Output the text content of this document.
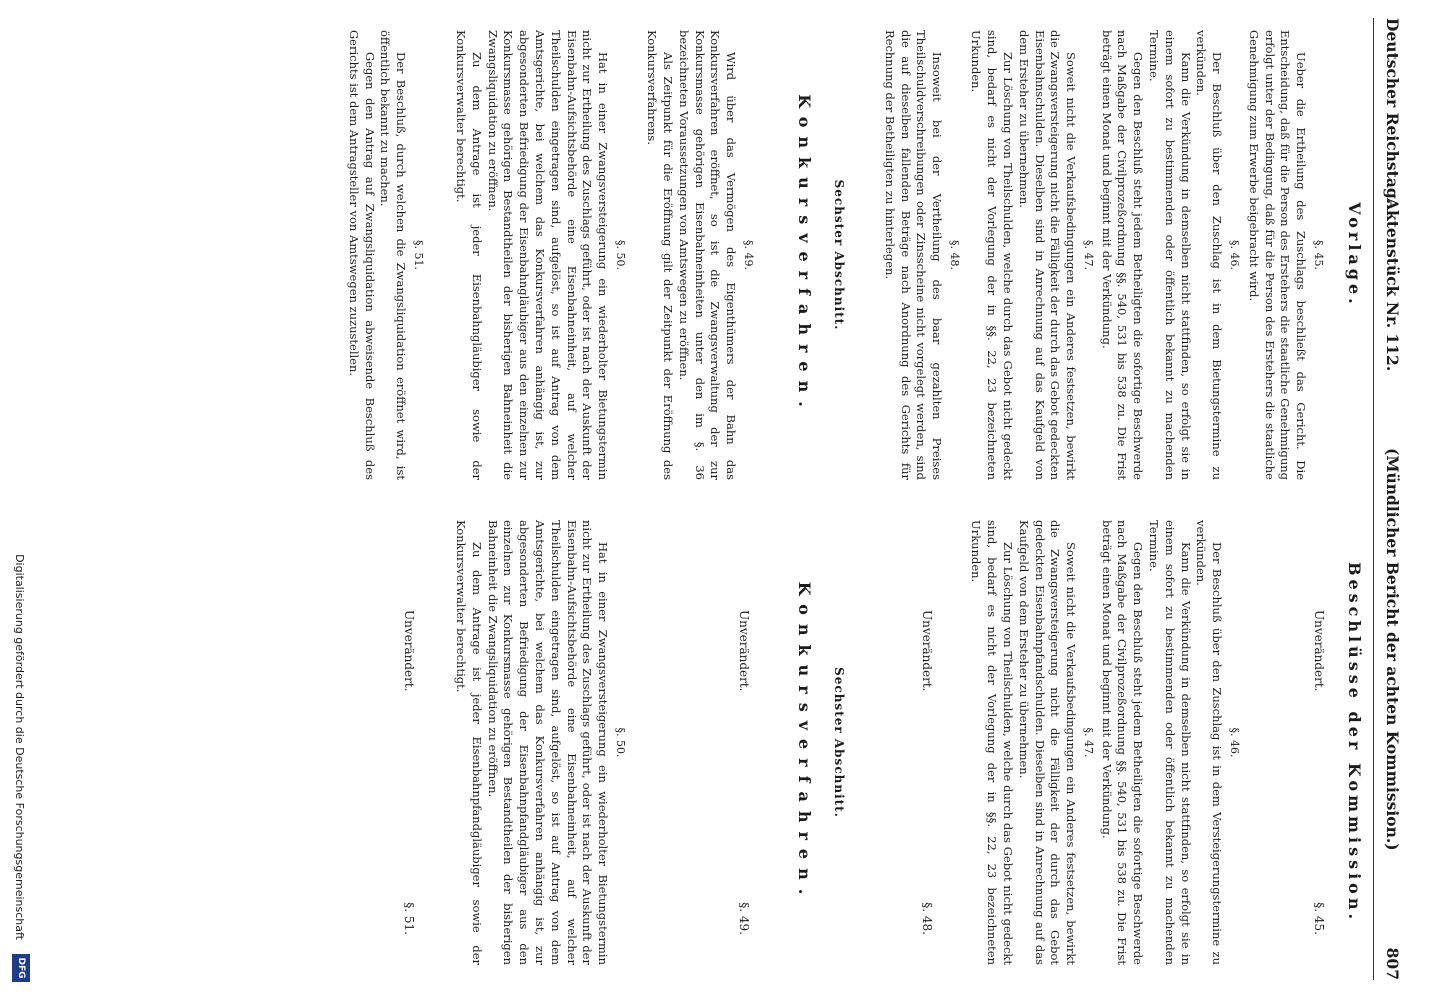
Deutscher Reichstag.
Aktenstück Nr. 112.
(Mündlicher Bericht der achten Kommission.)
807
Vorlage.
§. 45.
Ueber die Ertheilung des Zuschlags beschließt das Gericht. Die Entscheidung, daß für die Person des Erstehers die staatliche Genehmigung erfolgt unter der Bedingung, daß für die Person des Erstehers die staatliche Genehmigung zum Erwerbe beigebracht wird.
§. 46.
Der Beschluß über den Zuschlag ist in dem Bietungstermine zu verkünden.
Kann die Verkündung in demselben nicht stattfinden, so erfolgt sie in einem sofort zu bestimmenden oder öffentlich bekannt zu machenden Termine.
Gegen den Beschluß steht jedem Betheiligten die sofortige Beschwerde nach Maßgabe der Civilprozeßordnung §§. 540, 531 bis 538 zu. Die Frist beträgt einen Monat und beginnt mit der Verkündung.
§. 47.
Soweit nicht die Verkaufsbedingungen ein Anderes festsetzen, bewirkt die Zwangsversteigerung nicht die Fälligkeit der durch das Gebot gedeckten Eisenbahnschulden. Dieselben sind in Anrechnung auf das Kaufgeld von dem Ersteher zu übernehmen.
Zur Löschung von Theilschulden, welche durch das Gebot nicht gedeckt sind, bedarf es nicht der Vorlegung der in §§. 22, 23 bezeichneten Urkunden.
§. 48.
Insoweit bei der Vertheilung des baar gezahlten Preises Theilschuldverschreibungen oder Zinsscheine nicht vorgelegt werden, sind die auf dieselben fallenden Beträge nach Anordnung des Gerichts für Rechnung der Betheiligten zu hinterlegen.
Sechster Abschnitt.
Konkursverfahren.
§. 49.
Wird über das Vermögen des Eigenthümers der Bahn das Konkursverfahren eröffnet, so ist die Zwangsverwaltung der zur Konkursmasse gehörigen Eisenbahneinheiten unter den im §. 36 bezeichneten Voraussetzungen von Amtswegen zu eröffnen.
Als Zeitpunkt für die Eröffnung gilt der Zeitpunkt der Eröffnung des Konkursverfahrens.
§. 50.
Hat in einer Zwangsversteigerung ein wiederholter Bietungstermin nicht zur Ertheilung des Zuschlags geführt, oder ist nach der Auskunft der Eisenbahn-Aufsichtsbehörde eine Eisenbahneinheit, auf welcher Theilschulden eingetragen sind, aufgelöst, so ist auf Antrag von dem Amtsgerichte, bei welchem das Konkursverfahren anhängig ist, zur abgesonderten Befriedigung der Eisenbahngläubiger aus den einzelnen zur Konkursmasse gehörigen Bestandtheilen der bisherigen Bahneinheit die Zwangsliquidation zu eröffnen.
Zu dem Antrage ist jeder Eisenbahngläubiger sowie der Konkursverwalter berechtigt.
§. 51.
Der Beschluß, durch welchen die Zwangsliquidation eröffnet wird, ist öffentlich bekannt zu machen.
Gegen den Antrag auf Zwangsliquidation abweisende Beschluß des Gerichts ist dem Antragsteller von Amtswegen zuzustellen.
Beschlüsse der Kommission.
Unverändert.
§. 45.
§. 46.
Der Beschluß über den Zuschlag ist in dem Versteigerungstermine zu verkünden.
Kann die Verkündung in demselben nicht stattfinden, so erfolgt sie in einem sofort zu bestimmenden oder öffentlich bekannt zu machenden Termine.
Gegen den Beschluß steht jedem Betheiligten die sofortige Beschwerde nach Maßgabe der Civilprozeßordnung §§. 540, 531 bis 538 zu. Die Frist beträgt einen Monat und beginnt mit der Verkündung.
§. 47.
Soweit nicht die Verkaufsbedingungen ein Anderes festsetzen, bewirkt die Zwangsversteigerung nicht die Fälligkeit der durch das Gebot gedeckten Eisenbahnpfandschulden. Dieselben sind in Anrechnung auf das Kaufgeld von dem Ersteher zu übernehmen.
Zur Löschung von Theilschulden, welche durch das Gebot nicht gedeckt sind, bedarf es nicht der Vorlegung der in §§. 22, 23 bezeichneten Urkunden.
Unverändert.
§. 48.
Sechster Abschnitt.
Konkursverfahren.
Unverändert.
§. 49.
§. 50.
Hat in einer Zwangsversteigerung ein wiederholter Bietungstermin nicht zur Ertheilung des Zuschlags geführt, oder ist nach der Auskunft der Eisenbahn-Aufsichtsbehörde eine Eisenbahneinheit, auf welcher Theilschulden eingetragen sind, aufgelöst, so ist auf Antrag von dem Amtsgerichte, bei welchem das Konkursverfahren anhängig ist, zur abgesonderten Befriedigung der Eisenbahnpfandgläubiger aus den einzelnen zur Konkursmasse gehörigen Bestandtheilen der bisherigen Bahneinheit die Zwangsliquidation zu eröffnen.
Zu dem Antrage ist jeder Eisenbahnpfandgläubiger sowie der Konkursverwalter berechtigt.
Unverändert.
§. 51.
Digitalisierung gefördert durch die Deutsche Forschungsgemeinschaft
DFG
